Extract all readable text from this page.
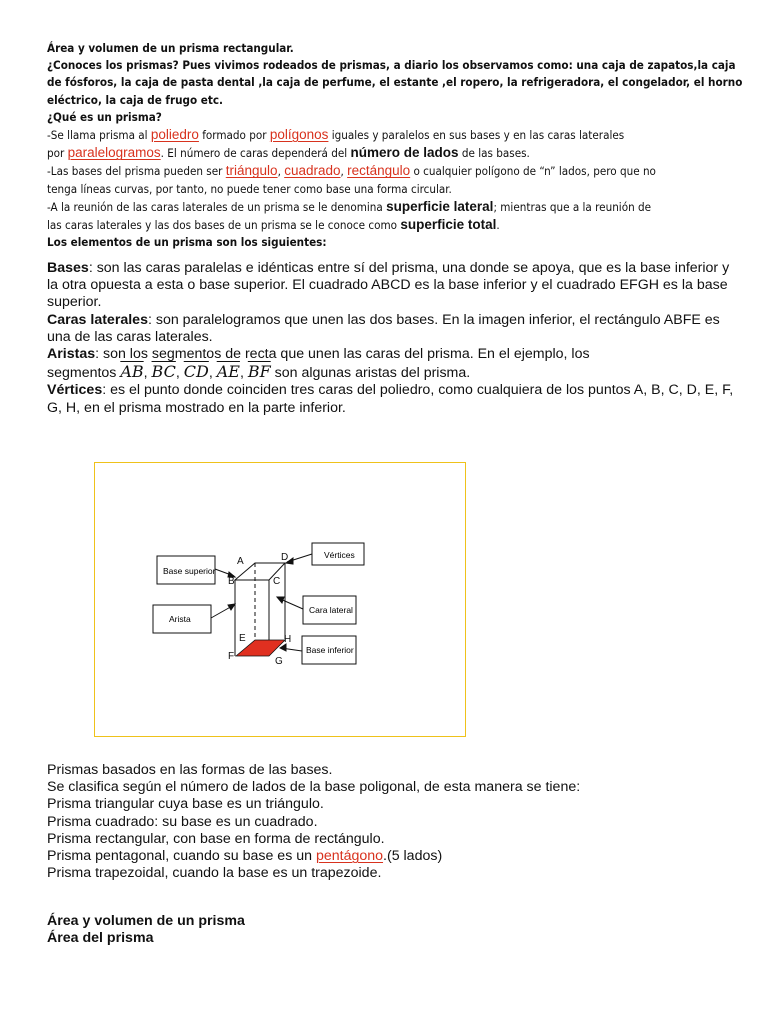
Área y volumen de un prisma rectangular.
¿Conoces los prismas? Pues vivimos rodeados de prismas, a diario los observamos como: una caja de zapatos,la caja
de fósforos, la caja de pasta dental ,la caja de perfume, el estante ,el ropero, la refrigeradora, el congelador, el horno
eléctrico, la caja de frugo etc.
¿Qué es un prisma?
-Se llama prisma al poliedro formado por polígonos iguales y paralelos en sus bases y en las caras laterales
por paralelogramos. El número de caras dependerá del número de lados de las bases.
-Las bases del prisma pueden ser triángulo, cuadrado, rectángulo o cualquier polígono de “n” lados, pero que no
tenga líneas curvas, por tanto, no puede tener como base una forma circular.
-A la reunión de las caras laterales de un prisma se le denomina superficie lateral; mientras que a la reunión de
las caras laterales y las dos bases de un prisma se le conoce como superficie total.
Los elementos de un prisma son los siguientes:

Bases: son las caras paralelas e idénticas entre sí del prisma, una donde se apoya, que es la base inferior y la otra opuesta a esta o base superior. El cuadrado ABCD es la base inferior y el cuadrado EFGH es la base superior.

Caras laterales: son paralelogramos que unen las dos bases. En la imagen inferior, el rectángulo ABFE es una de las caras laterales.

Aristas: son los segmentos de recta que unen las caras del prisma. En el ejemplo, los
segmentos $\overline{AB}$, $\overline{BC}$, $\overline{CD}$, $\overline{AE}$, $\overline{BF}$ son algunas aristas del prisma.

Vértices: es el punto donde coinciden tres caras del poliedro, como cualquiera de los puntos A, B, C, D, E, F, G, H, en el prisma mostrado en la parte inferior.

Base superior
Arista
Vértices
Cara lateral
Base inferior
A	D
B	C
E	H
F	G

Prismas basados en las formas de las bases.

Se clasifica según el número de lados de la base poligonal, de esta manera se tiene:

Prisma triangular cuya base es un triángulo.

Prisma cuadrado: su base es un cuadrado.

Prisma rectangular, con base en forma de rectángulo.

Prisma pentagonal, cuando su base es un pentágono.(5 lados)

Prisma trapezoidal, cuando la base es un trapezoide.

Área y volumen de un prisma

Área del prisma
